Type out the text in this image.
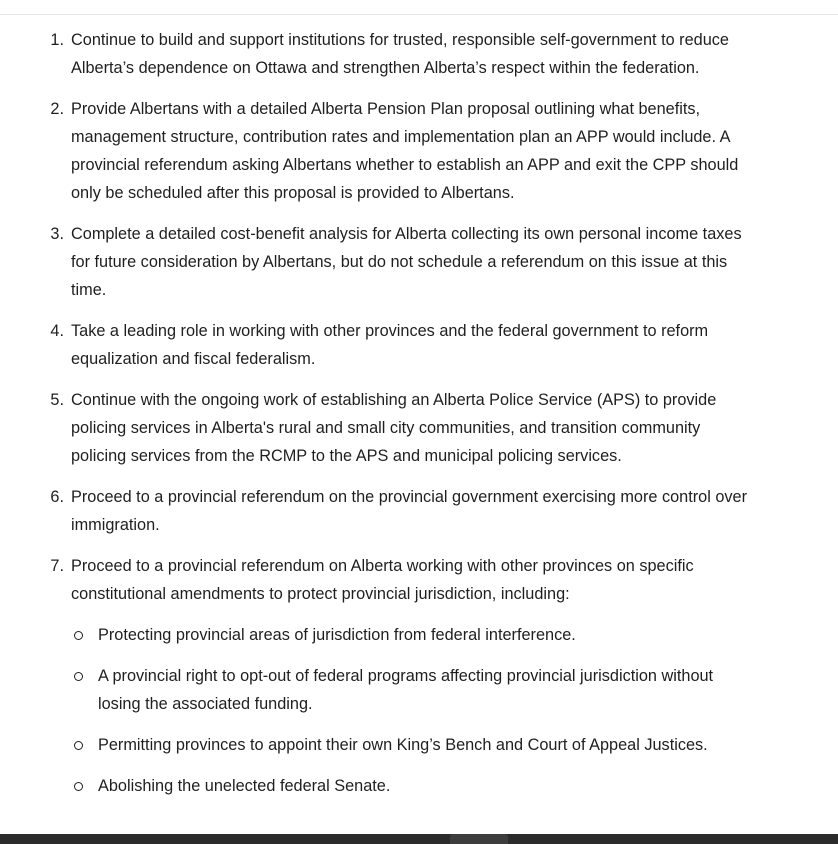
1. Continue to build and support institutions for trusted, responsible self-government to reduce Alberta’s dependence on Ottawa and strengthen Alberta’s respect within the federation.
2. Provide Albertans with a detailed Alberta Pension Plan proposal outlining what benefits, management structure, contribution rates and implementation plan an APP would include. A provincial referendum asking Albertans whether to establish an APP and exit the CPP should only be scheduled after this proposal is provided to Albertans.
3. Complete a detailed cost-benefit analysis for Alberta collecting its own personal income taxes for future consideration by Albertans, but do not schedule a referendum on this issue at this time.
4. Take a leading role in working with other provinces and the federal government to reform equalization and fiscal federalism.
5. Continue with the ongoing work of establishing an Alberta Police Service (APS) to provide policing services in Alberta's rural and small city communities, and transition community policing services from the RCMP to the APS and municipal policing services.
6. Proceed to a provincial referendum on the provincial government exercising more control over immigration.
7. Proceed to a provincial referendum on Alberta working with other provinces on specific constitutional amendments to protect provincial jurisdiction, including:
Protecting provincial areas of jurisdiction from federal interference.
A provincial right to opt-out of federal programs affecting provincial jurisdiction without losing the associated funding.
Permitting provinces to appoint their own King’s Bench and Court of Appeal Justices.
Abolishing the unelected federal Senate.
